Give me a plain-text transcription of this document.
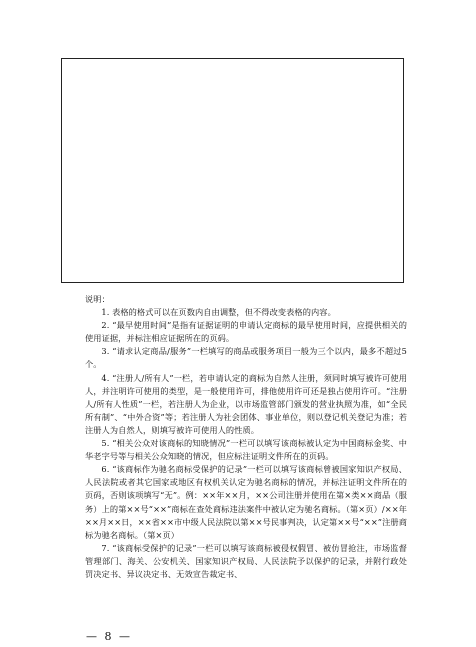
说明：

1. 表格的格式可以在页数内自由调整，但不得改变表格的内容。

2. “最早使用时间”是指有证据证明的申请认定商标的最早使用时间，应提供相关的使用证据，并标注相应证据所在的页码。

3. “请求认定商品/服务”一栏填写的商品或服务项目一般为三个以内，最多不超过5个。

4. “注册人/所有人”一栏，若申请认定的商标为自然人注册，须同时填写被许可使用人，并注明许可使用的类型，是一般使用许可，排他使用许可还是独占使用许可。“注册人/所有人性质”一栏，若注册人为企业，以市场监管部门颁发的营业执照为准，如“全民所有制”、“中外合资”等；若注册人为社会团体、事业单位，则以登记机关登记为准；若注册人为自然人，则填写被许可使用人的性质。

5. “相关公众对该商标的知晓情况”一栏可以填写该商标被认定为中国商标金奖、中华老字号等与相关公众知晓的情况，但应标注证明文件所在的页码。

6. “该商标作为驰名商标受保护的记录”一栏可以填写该商标曾被国家知识产权局、人民法院或者其它国家或地区有权机关认定为驰名商标的情况，并标注证明文件所在的页码，否则该项填写“无”。例：××年××月，××公司注册并使用在第×类××商品（服务）上的第××号“××”商标在查处商标违法案件中被认定为驰名商标。（第×页）/××年××月××日，××省××市中级人民法院以第××号民事判决，认定第××号“××”注册商标为驰名商标。（第×页）

7. “该商标受保护的记录”一栏可以填写该商标被侵权假冒、被仿冒抢注，市场监督管理部门、海关、公安机关、国家知识产权局、人民法院予以保护的记录，并附行政处罚决定书、异议决定书、无效宣告裁定书、

— 8 —
